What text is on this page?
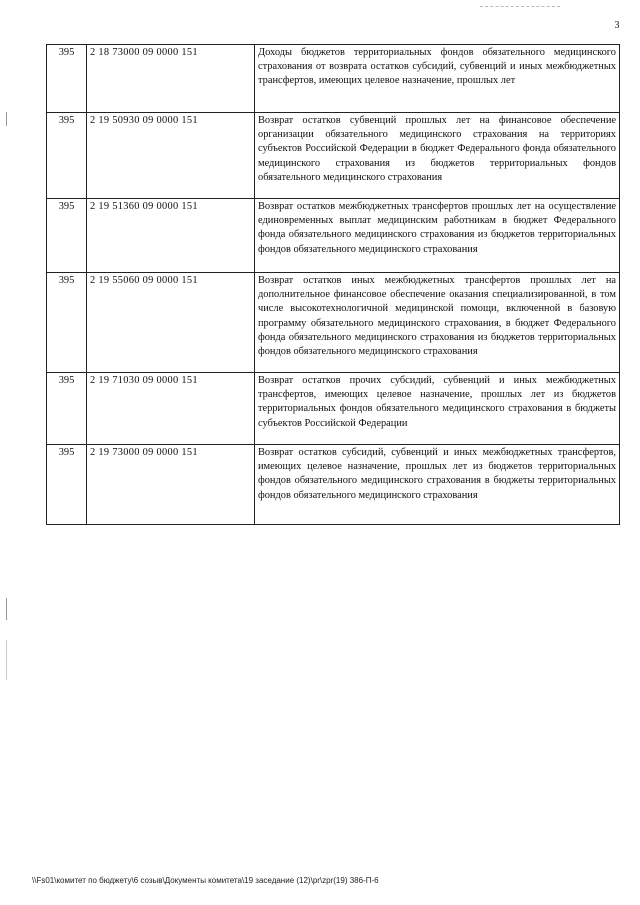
3
395	2 18 73000 09 0000 151	Доходы бюджетов территориальных фондов обязательного медицинского страхования от возврата остатков субсидий, субвенций и иных межбюджетных трансфертов, имеющих целевое назначение, прошлых лет
395	2 19 50930 09 0000 151	Возврат остатков субвенций прошлых лет на финансовое обеспечение организации обязательного медицинского страхования на территориях субъектов Российской Федерации в бюджет Федерального фонда обязательного медицинского страхования из бюджетов территориальных фондов обязательного медицинского страхования
395	2 19 51360 09 0000 151	Возврат остатков межбюджетных трансфертов прошлых лет на осуществление единовременных выплат медицинским работникам в бюджет Федерального фонда обязательного медицинского страхования из бюджетов территориальных фондов обязательного медицинского страхования
395	2 19 55060 09 0000 151	Возврат остатков иных межбюджетных трансфертов прошлых лет на дополнительное финансовое обеспечение оказания специализированной, в том числе высокотехнологичной медицинской помощи, включенной в базовую программу обязательного медицинского страхования, в бюджет Федерального фонда обязательного медицинского страхования из бюджетов территориальных фондов обязательного медицинского страхования
395	2 19 71030 09 0000 151	Возврат остатков прочих субсидий, субвенций и иных межбюджетных трансфертов, имеющих целевое назначение, прошлых лет из бюджетов территориальных фондов обязательного медицинского страхования в бюджеты субъектов Российской Федерации
395	2 19 73000 09 0000 151	Возврат остатков субсидий, субвенций и иных межбюджетных трансфертов, имеющих целевое назначение, прошлых лет из бюджетов территориальных фондов обязательного медицинского страхования в бюджеты территориальных фондов обязательного медицинского страхования
\\Fs01\комитет по бюджету\6 созыв\Документы комитета\19 заседание (12)\pr\zpr(19) 386-П-6
